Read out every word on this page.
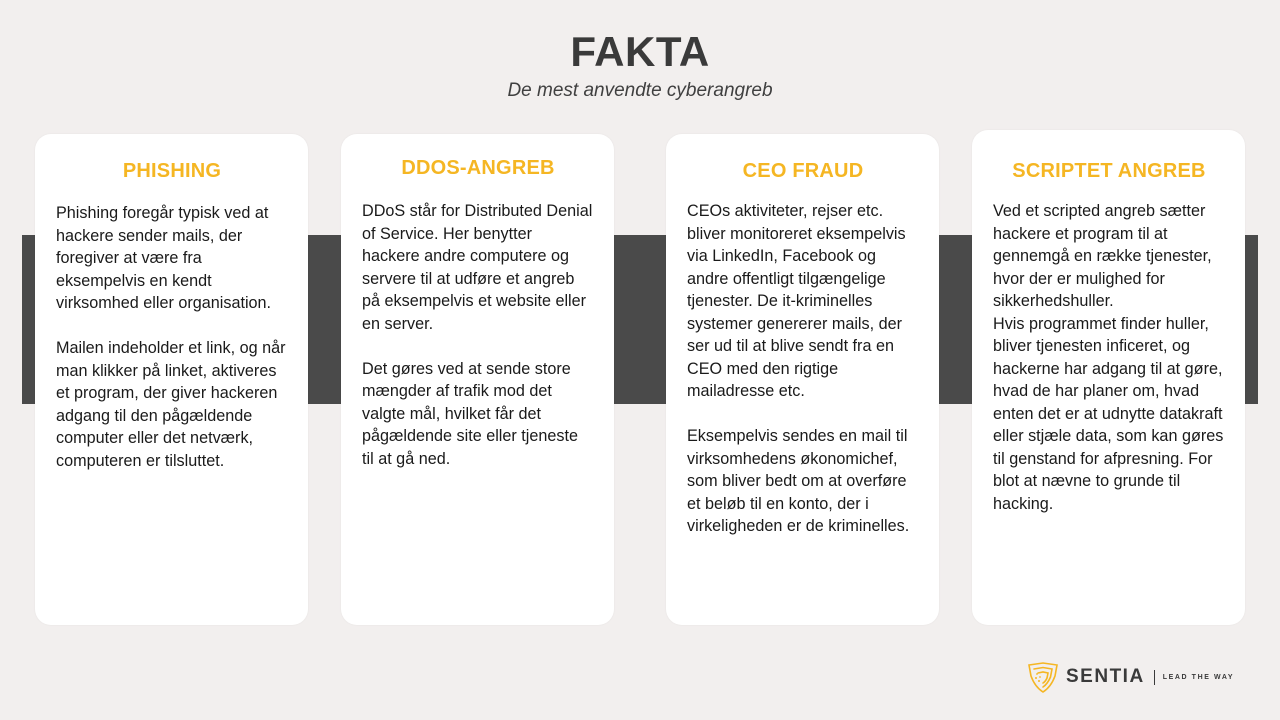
FAKTA
De mest anvendte cyberangreb
PHISHING

Phishing foregår typisk ved at hackere sender mails, der foregiver at være fra eksempelvis en kendt virksomhed eller organisation.

Mailen indeholder et link, og når man klikker på linket, aktiveres et program, der giver hackeren adgang til den pågældende computer eller det netværk, computeren er tilsluttet.

DDOS-ANGREB

DDoS står for Distributed Denial of Service. Her benytter hackere andre computere og servere til at udføre et angreb på eksempelvis et website eller en server.

Det gøres ved at sende store mængder af trafik mod det valgte mål, hvilket får det pågældende site eller tjeneste til at gå ned.

CEO FRAUD

CEOs aktiviteter, rejser etc. bliver monitoreret eksempelvis via LinkedIn, Facebook og andre offentligt tilgængelige tjenester. De it-kriminelles systemer genererer mails, der ser ud til at blive sendt fra en CEO med den rigtige mailadresse etc.

Eksempelvis sendes en mail til virksomhedens økonomichef, som bliver bedt om at overføre et beløb til en konto, der i virkeligheden er de kriminelles.

SCRIPTET ANGREB

Ved et scripted angreb sætter hackere et program til at gennemgå en række tjenester, hvor der er mulighed for sikkerhedshuller.

Hvis programmet finder huller, bliver tjenesten inficeret, og hackerne har adgang til at gøre, hvad de har planer om, hvad enten det er at udnytte datakraft eller stjæle data, som kan gøres til genstand for afpresning. For blot at nævne to grunde til hacking.

SENTIA	LEAD THE WAY
